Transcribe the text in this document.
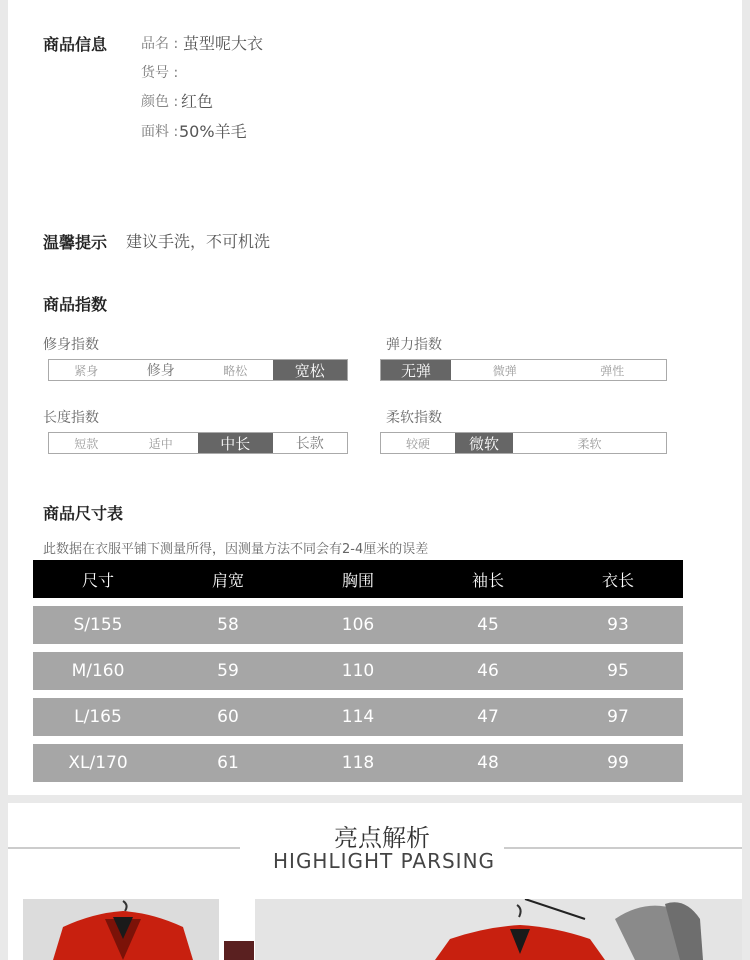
商品信息 品名 : 茧型呢大衣
货号 :
颜色 : 红色
面料 : 50%羊毛
温馨提示 建议手洗，不可机洗
商品指数
修身指数
紧身	修身	略松	宽松
弹力指数
无弹	微弹	弹性
长度指数
短款	适中	中长	长款
柔软指数
较硬	微软	柔软
商品尺寸表
此数据在衣服平铺下测量所得，因测量方法不同会有2-4厘米的误差
尺寸	肩宽	胸围	袖长	衣长
S/155	58	106	45	93
M/160	59	110	46	95
L/165	60	114	47	97
XL/170	61	118	48	99
亮点解析
HIGHLIGHT PARSING
